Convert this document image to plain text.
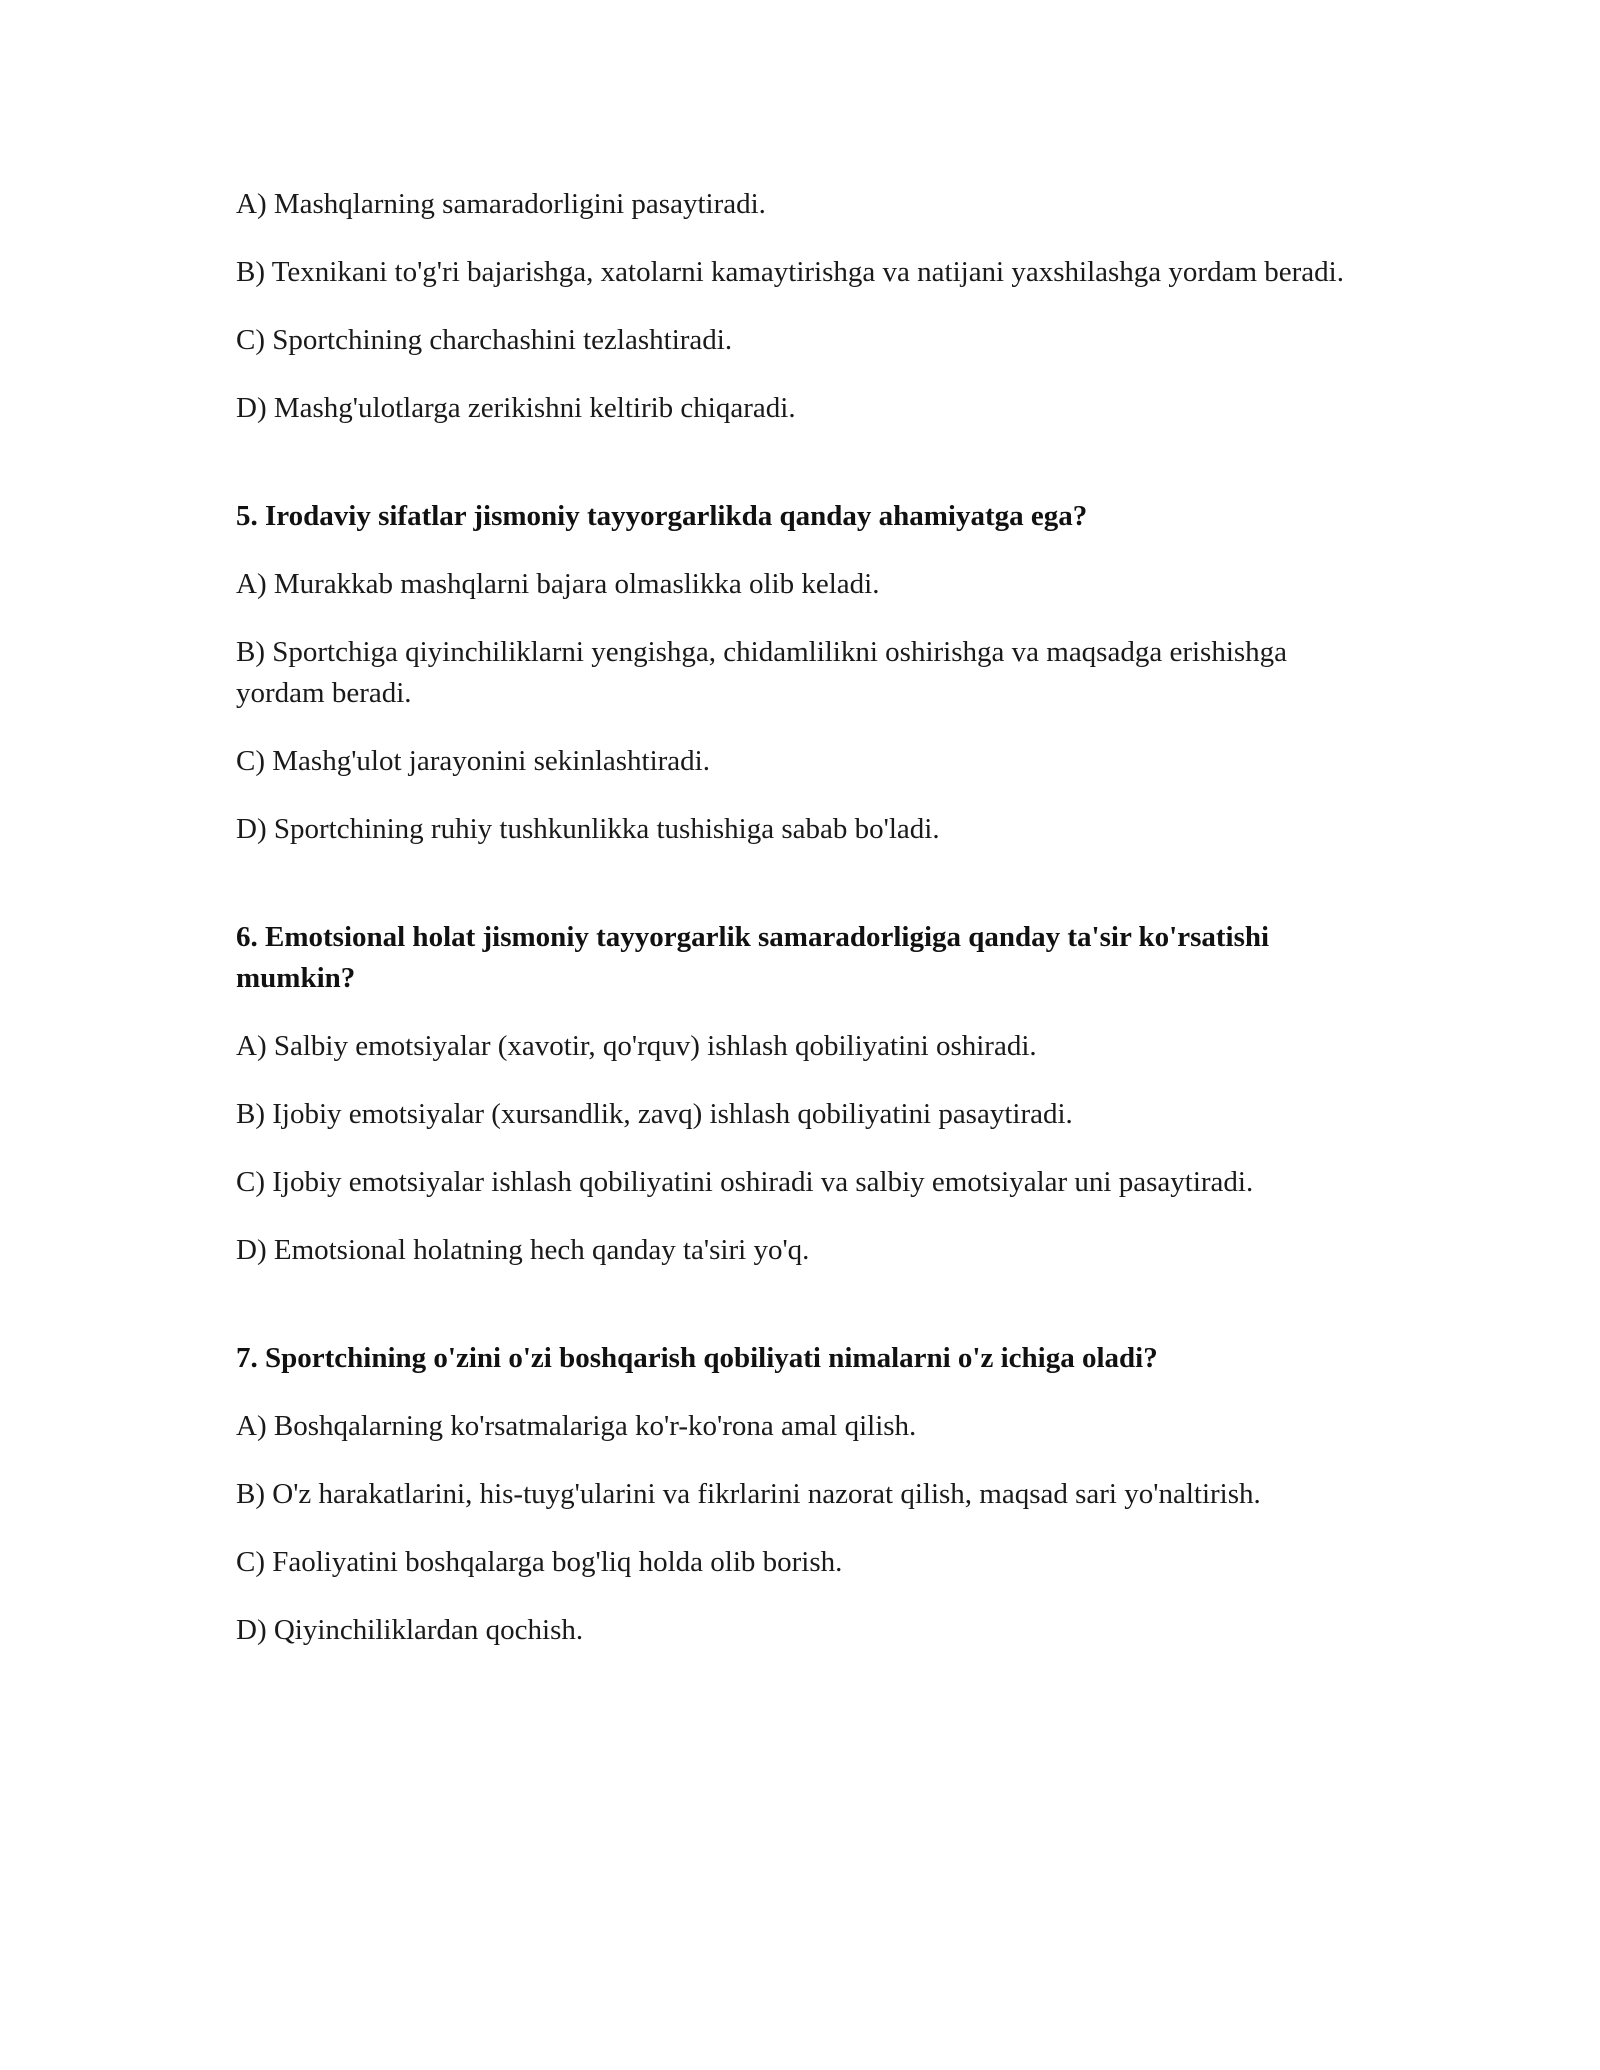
A) Mashqlarning samaradorligini pasaytiradi.

B) Texnikani to'g'ri bajarishga, xatolarni kamaytirishga va natijani yaxshilashga yordam beradi.

C) Sportchining charchashini tezlashtiradi.

D) Mashg'ulotlarga zerikishni keltirib chiqaradi.

5. Irodaviy sifatlar jismoniy tayyorgarlikda qanday ahamiyatga ega?

A) Murakkab mashqlarni bajara olmaslikka olib keladi.

B) Sportchiga qiyinchiliklarni yengishga, chidamlilikni oshirishga va maqsadga erishishga yordam beradi.

C) Mashg'ulot jarayonini sekinlashtiradi.

D) Sportchining ruhiy tushkunlikka tushishiga sabab bo'ladi.

6. Emotsional holat jismoniy tayyorgarlik samaradorligiga qanday ta'sir ko'rsatishi mumkin?

A) Salbiy emotsiyalar (xavotir, qo'rquv) ishlash qobiliyatini oshiradi.

B) Ijobiy emotsiyalar (xursandlik, zavq) ishlash qobiliyatini pasaytiradi.

C) Ijobiy emotsiyalar ishlash qobiliyatini oshiradi va salbiy emotsiyalar uni pasaytiradi.

D) Emotsional holatning hech qanday ta'siri yo'q.

7. Sportchining o'zini o'zi boshqarish qobiliyati nimalarni o'z ichiga oladi?

A) Boshqalarning ko'rsatmalariga ko'r-ko'rona amal qilish.

B) O'z harakatlarini, his-tuyg'ularini va fikrlarini nazorat qilish, maqsad sari yo'naltirish.

C) Faoliyatini boshqalarga bog'liq holda olib borish.

D) Qiyinchiliklardan qochish.
